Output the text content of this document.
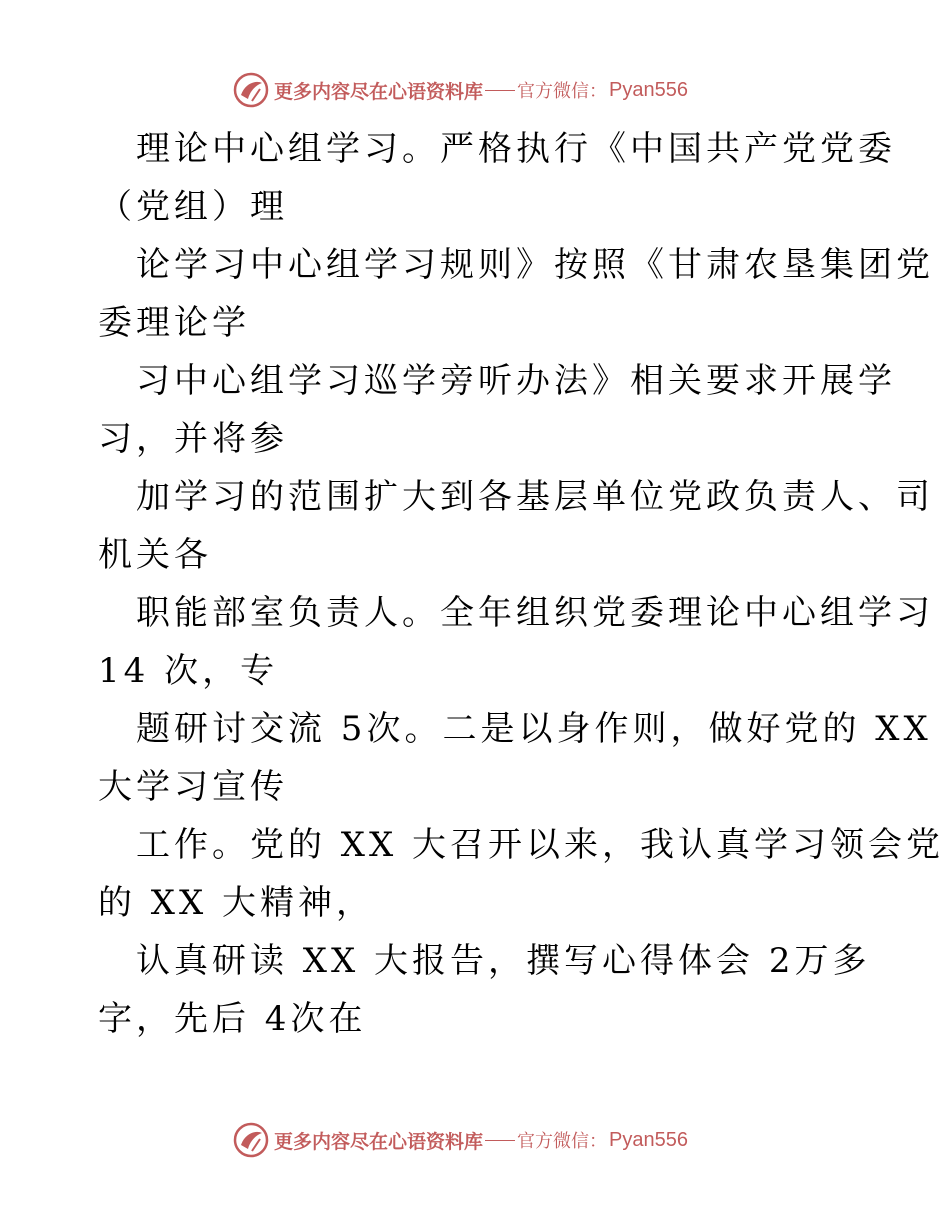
更多内容尽在心语资料库 官方微信： Pyan556
理论中心组学习。严格执行《中国共产党党委
（党组）理
论学习中心组学习规则》按照《甘肃农垦集团党
委理论学
习中心组学习巡学旁听办法》相关要求开展学
习，并将参
加学习的范围扩大到各基层单位党政负责人、司
机关各
职能部室负责人。全年组织党委理论中心组学习
14 次，专
题研讨交流 5次。二是以身作则，做好党的 XX
大学习宣传
工作。党的 XX 大召开以来，我认真学习领会党
的 XX 大精神，
认真研读 XX 大报告，撰写心得体会 2万多
字，先后 4次在
更多内容尽在心语资料库 官方微信： Pyan556
